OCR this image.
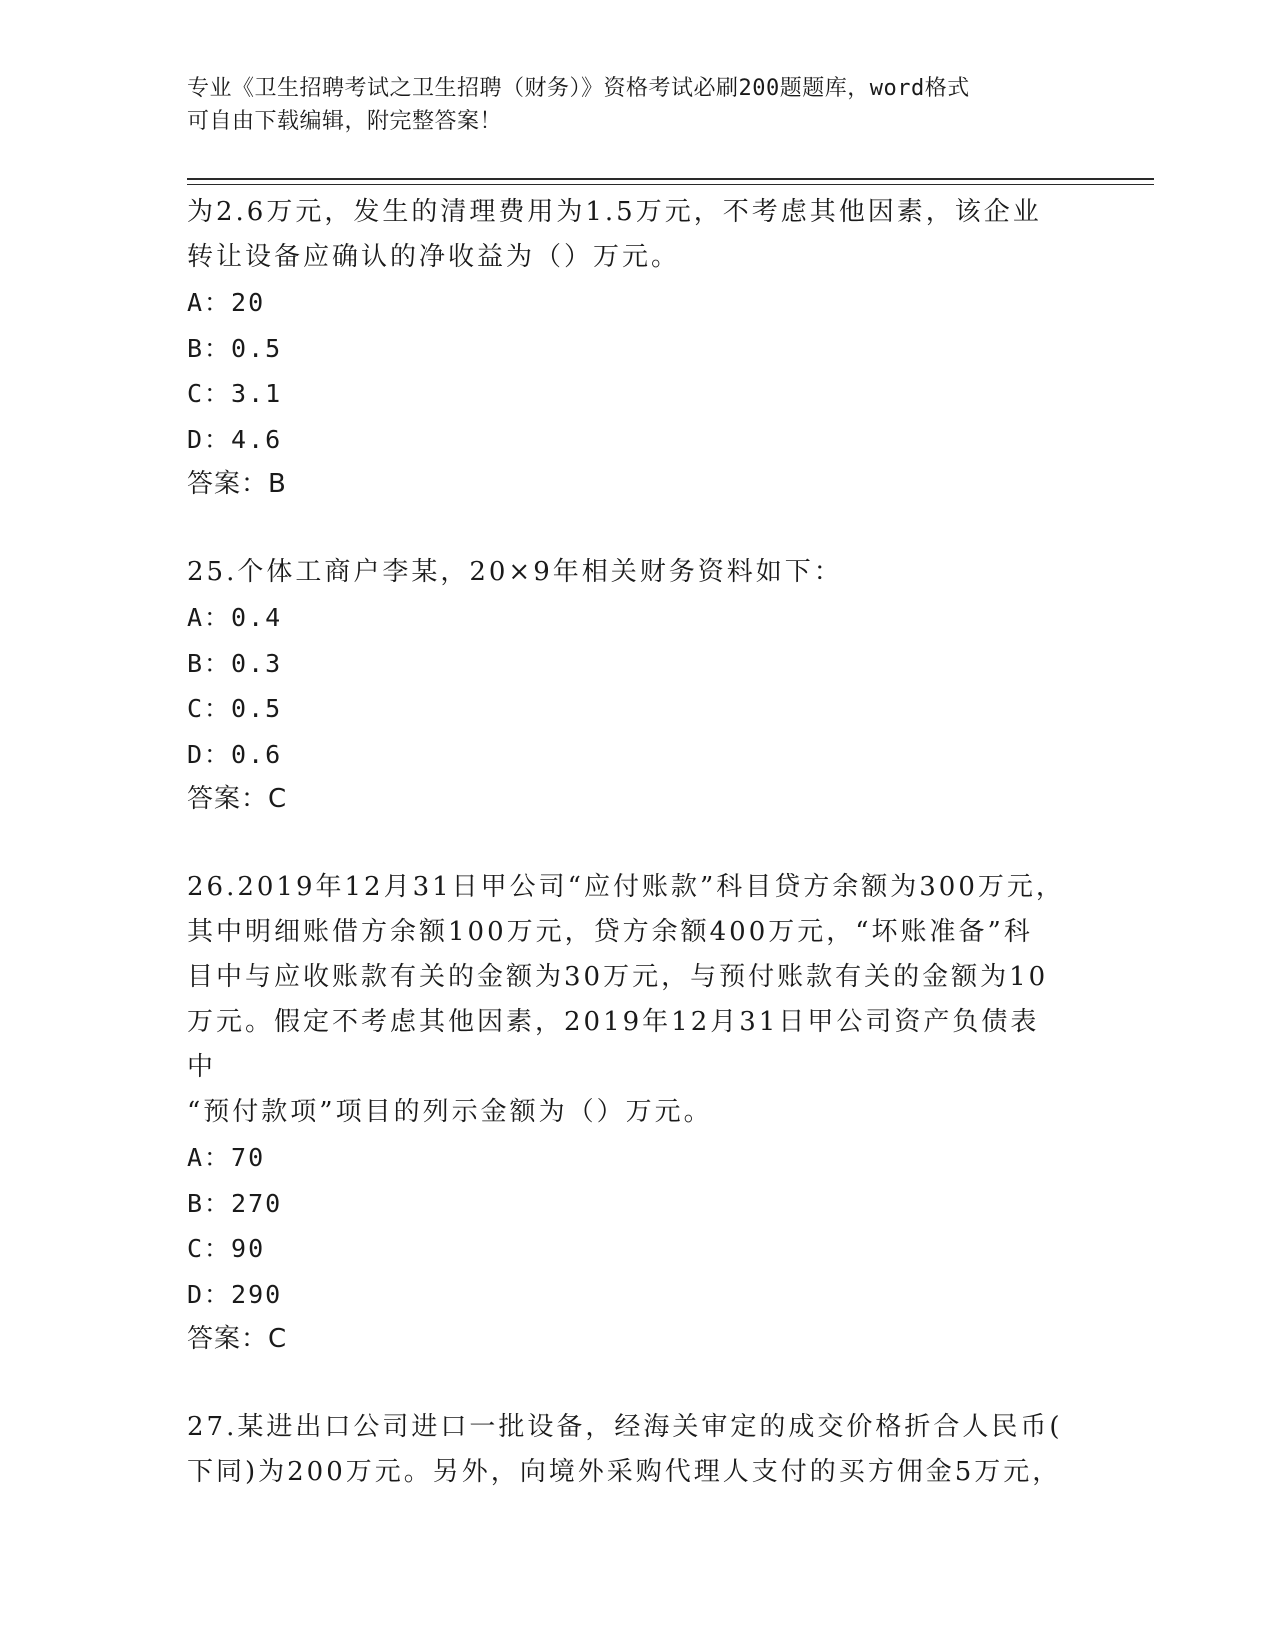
专业《卫生招聘考试之卫生招聘（财务）》资格考试必刷200题题库，word格式
可自由下载编辑，附完整答案！

为2.6万元，发生的清理费用为1.5万元，不考虑其他因素，该企业

转让设备应确认的净收益为（）万元。

A：20

B：0.5

C：3.1

D：4.6

答案：B

25.个体工商户李某，20×9年相关财务资料如下：

A：0.4

B：0.3

C：0.5

D：0.6

答案：C

26.2019年12月31日甲公司“应付账款”科目贷方余额为300万元，

其中明细账借方余额100万元，贷方余额400万元，“坏账准备”科

目中与应收账款有关的金额为30万元，与预付账款有关的金额为10

万元。假定不考虑其他因素，2019年12月31日甲公司资产负债表中

“预付款项”项目的列示金额为（）万元。

A：70

B：270

C：90

D：290

答案：C

27.某进出口公司进口一批设备，经海关审定的成交价格折合人民币(

下同)为200万元。另外，向境外采购代理人支付的买方佣金5万元，
